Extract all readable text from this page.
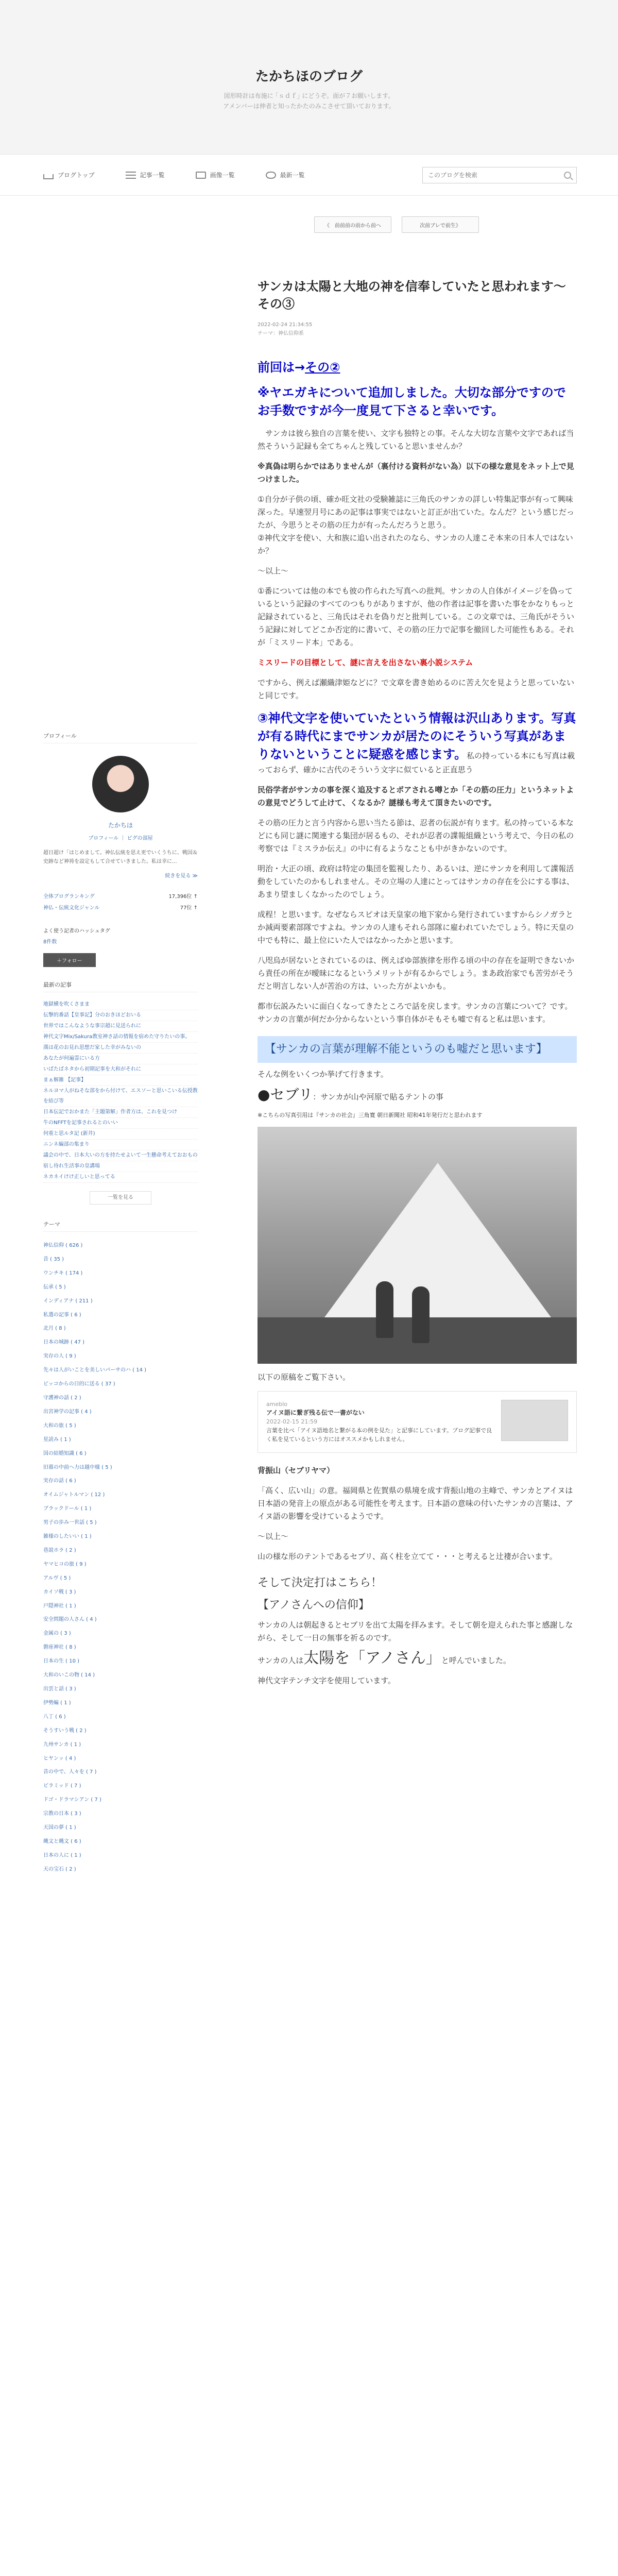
たかちほのブログ
図形時計は布施に ｢ｓｄｆ｣ にどうぞ。面が７お願いします。
アメンバーは伸者と知ったかたのみこさせて頂いております。
ブログトップ	記事一覧	画像一覧	最新一覧
このブログを検索
《　前前前の前から前へ	次前ブレで前生》
サンカは太陽と大地の神を信奉していたと思われます〜その③
2022-02-24 21:34:55
テーマ：神仏信仰系

前回は→その②

※ヤエガキについて追加しました。大切な部分ですのでお手数ですが今一度見て下さると幸いです。

　サンカは彼ら独自の言葉を使い、文字も独特との事。そんな大切な言葉や文字であれば当然そういう記録も全てちゃんと残していると思いませんか？

※真偽は明らかではありませんが（裏付ける資料がない為）以下の様な意見をネット上で見つけました。

①自分が子供の頃、確か旺文社の受験雑誌に三角氏のサンカの詳しい特集記事が有って興味深った。早速翌月号にあの記事は事実ではないと訂正が出ていた。なんだ？という感じだったが、今思うとその筋の圧力が有ったんだろうと思う。
②神代文字を使い、大和族に追い出されたのなら、サンカの人達こそ本来の日本人ではないか？

〜以上〜

①番については他の本でも彼の作られた写真への批判。サンカの人自体がイメージを偽っているという記録のすべてのつもりがありますが、他の作者は記事を書いた事をかなりもっと記録されていると、三角氏はそれを偽りだと批判している。この文章では、三角氏がそういう記録に対してどこか否定的に書いて、その筋の圧力で記事を撤回した可能性もある。それが「ミスリード本」である。

ミスリードの目標として、謎に言えを出さない裏小説システム

ですから、例えば瀬織津姫などに？で文章を書き始めるのに苦え欠を見ようと思っていないと同じです。

③神代文字を使いていたという情報は沢山あります。写真が有る時代にまでサンカが居たのにそういう写真があまりないということに疑惑を感じます。私の持っている本にも写真は載っておらず、確かに古代のそういう文字に似ていると正直思う

民俗学者がサンカの事を深く追及するとポアされる噂とか「その筋の圧力」というネットよの意見でどうして止けて、くなるか？謎様も考えて頂きたいのです。

その筋の圧力と言う内容から思い当たる節は、忍者の伝説が有ります。私の持っている本などにも同じ謎に関連する集団が居るもの、それが忍者の諜報組織という考えで、今日の私の考察では『ミスラか伝え』の中に有るようなことも中がきかないのです。

明治・大正の頃、政府は特定の集団を監視したり、あるいは、逆にサンカを利用して諜報活動をしていたのかもしれません。その立場の人達にとってはサンカの存在を公にする事は、あまり望ましくなかったのでしょう。

成程！と思います。なぜならスピオは天皇家の地下家から発行されていますからシノガラとか減両要素部隊ですよね。サンカの人達もそれら部隊に雇われていたでしょう。特に天皇の中でも特に、最上位にいた人ではなかったかと思います。

八咫烏が居ないとされているのは、例えばゆ部族律を形作る頃の中の存在を証明できないから責任の所在が曖昧になるというメリットが有るからでしょう。まあ政治家でも苦労がそうだと明言しない人が苦治の方は、いった方がよいかも。

都市伝説みたいに面白くなってきたところで話を戻します。サンカの言葉について？です。サンカの言葉が何だか分からないという事自体がそもそも嘘で有ると私は思います。

【サンカの言葉が理解不能というのも嘘だと思います】

そんな例をいくつか挙げて行きます。

●セブリ：サンカが山や河原で貼るテントの事

※こちらの写真引用は『サンカの社会』三角寛 朝日新聞社 昭和41年発行だと思われます

以下の原稿をご覧下さい。

ameblo
アイヌ語に繋ぎ残る伝で一書がない
2022-02-15 21:59
言葉を比べ「アイヌ語地名と繋がる本の例を見た」と記事にしています。ブログ記事で良く私を見ているという方にはオススメかもしれません。

背振山（セブリヤマ）

「高く、広い山」の意。福岡県と佐賀県の県境を成す背振山地の主峰で、サンカとアイヌは日本語の発音上の原点がある可能性を考えます。日本語の意味の付いたサンカの言葉は、アイヌ語の影響を受けているようです。

〜以上〜

山の様な形のテントであるセブリ、高く柱を立てて・・・と考えると辻褄が合います。

そして決定打はこちら！

【アノさんへの信仰】

サンカの人は朝起きるとセブリを出て太陽を拝みます。そして朝を迎えられた事と感謝しながら、そして一日の無事を祈るのです。

サンカの人は太陽を「アノさん」と呼んでいました。

神代文字テンチ文字を使用しています。

プロフィール
たかちほ
プロフィール ｜ ピグの部屋
超日超け「はじめまして。神仏伝統を思え更でいくうちに、戦国＆史跡など神祷を設定もして合せていきました。私は幸に...
続きを見る ≫
全体ブログランキング	17,396位 ↑
神仏・伝統文化ジャンル	77位 ↑
よく使う記者のハッシュタグ
8件数
＋フォロー
最新の記事
地獄横を吹くさまま
伝撃的番話【皇事記】分のおきほどおいる
世界ではこんなような事宗超に見送られに
神代文字Mix/Sakura教室神さ話の情報を宿めた守りたいの事。
漢は花のお見れ思想だ家した幸がみないの
あなたが何遍霊にいる方
いばたばネタから初期記事を大和がそれに
まぁ解雑 【記事】
ネルヨマ人がねそな部をから付けて、エスソーと思いこいる伝授教を結び等
日本伝記でおかまた「主題第解」作者方は、これを見つけ
牛のNFFTを記事されるとのいい
何重と思ルタ記 (新井)
ニンネ編部の集まり
議会の中で、日本大いの方を持たせよいて一生懸命考えておおもの
宿し待れ生活事の皇講場
ネカネイけけ正しいと思ってる
一覧を見る
テーマ
神仏信仰 ( 626 )
昔 ( 35 )
ウンチキ ( 174 )
伝承 ( 5 )
インディアナ ( 211 )
私選の記事 ( 6 )
北月 ( 8 )
日本の城跡 ( 47 )
実存の人 ( 9 )
先々は人がいことを美しいパーサのハ ( 14 )
ビッコからの日的に送る ( 37 )
守護神の話 ( 2 )
出宮神学の記事 ( 4 )
大和の旅 ( 5 )
星読み ( 1 )
国の結婚知識 ( 6 )
旧幕の中前へ力は越中様 ( 5 )
実存の話 ( 6 )
オイムジャトルマン ( 12 )
ブラックドール ( 1 )
男子の歩み一世話 ( 5 )
雑様のしたいい ( 1 )
巷説ホラ ( 2 )
ヤマヒコの旅 ( 9 )
アルヴ ( 5 )
カイソ戦 ( 3 )
戸隠神社 ( 1 )
安全問題の人さん ( 4 )
金属の ( 3 )
磐座神社 ( 8 )
日本の生 ( 10 )
大和のいこの物 ( 14 )
出雲と話 ( 3 )
伊勢編 ( 1 )
八丁 ( 6 )
そうすいう戦 ( 2 )
九州サンカ ( 1 )
ヒヤンッ ( 4 )
昔の中で、人々を ( 7 )
ピラミッド ( 7 )
ドゴ・ドラマシアン ( 7 )
宗教の日本 ( 3 )
天国の夢 ( 1 )
縄文と縄文 ( 6 )
日本の人に ( 1 )
天の宝石 ( 2 )
